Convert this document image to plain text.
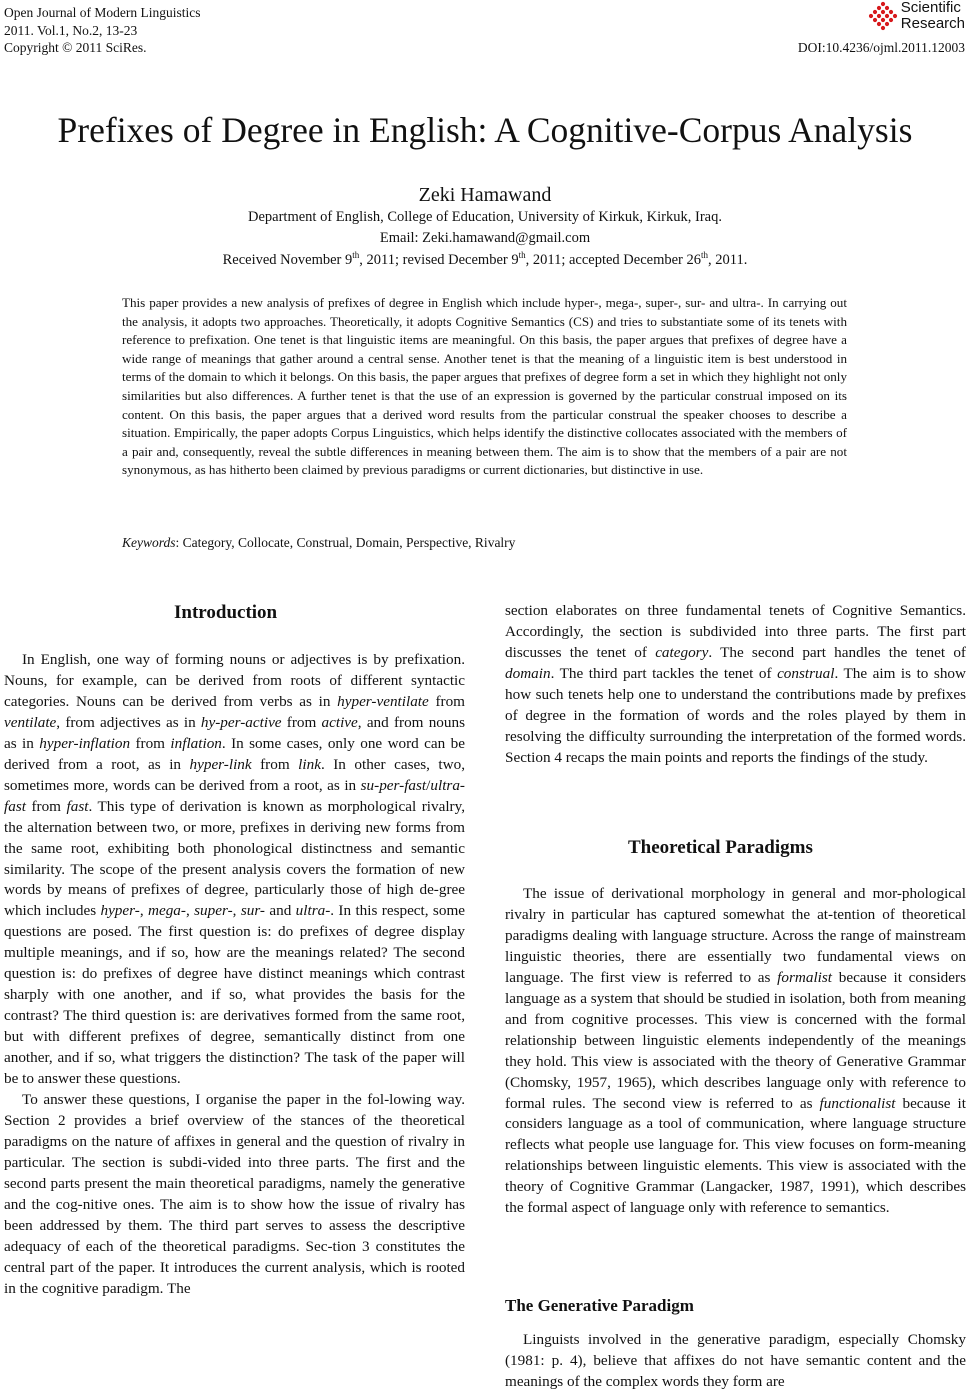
Open Journal of Modern Linguistics
2011. Vol.1, No.2, 13-23
Copyright © 2011 SciRes.
Scientific
Research
DOI:10.4236/ojml.2011.12003
Prefixes of Degree in English: A Cognitive-Corpus Analysis
Zeki Hamawand
Department of English, College of Education, University of Kirkuk, Kirkuk, Iraq.
Email: Zeki.hamawand@gmail.com
Received November 9th, 2011; revised December 9th, 2011; accepted December 26th, 2011.
This paper provides a new analysis of prefixes of degree in English which include hyper-, mega-, super-, sur- and ultra-. In carrying out the analysis, it adopts two approaches. Theoretically, it adopts Cognitive Semantics (CS) and tries to substantiate some of its tenets with reference to prefixation. One tenet is that linguistic items are meaningful. On this basis, the paper argues that prefixes of degree have a wide range of meanings that gather around a central sense. Another tenet is that the meaning of a linguistic item is best understood in terms of the domain to which it belongs. On this basis, the paper argues that prefixes of degree form a set in which they highlight not only similarities but also differences. A further tenet is that the use of an expression is governed by the particular construal imposed on its content. On this basis, the paper argues that a derived word results from the particular construal the speaker chooses to describe a situation. Empirically, the paper adopts Corpus Linguistics, which helps identify the distinctive collocates associated with the members of a pair and, consequently, reveal the subtle differences in meaning between them. The aim is to show that the members of a pair are not synonymous, as has hitherto been claimed by previous paradigms or current dictionaries, but distinctive in use.
Keywords: Category, Collocate, Construal, Domain, Perspective, Rivalry
Introduction

In English, one way of forming nouns or adjectives is by prefixation. Nouns, for example, can be derived from roots of different syntactic categories. Nouns can be derived from verbs as in hyper-ventilate from ventilate, from adjectives as in hy-per-active from active, and from nouns as in hyper-inflation from inflation. In some cases, only one word can be derived from a root, as in hyper-link from link. In other cases, two, sometimes more, words can be derived from a root, as in su-per-fast/ultra-fast from fast. This type of derivation is known as morphological rivalry, the alternation between two, or more, prefixes in deriving new forms from the same root, exhibiting both phonological distinctness and semantic similarity. The scope of the present analysis covers the formation of new words by means of prefixes of degree, particularly those of high de-gree which includes hyper-, mega-, super-, sur- and ultra-. In this respect, some questions are posed. The first question is: do prefixes of degree display multiple meanings, and if so, how are the meanings related? The second question is: do prefixes of degree have distinct meanings which contrast sharply with one another, and if so, what provides the basis for the contrast? The third question is: are derivatives formed from the same root, but with different prefixes of degree, semantically distinct from one another, and if so, what triggers the distinction? The task of the paper will be to answer these questions.

To answer these questions, I organise the paper in the fol-lowing way. Section 2 provides a brief overview of the stances of the theoretical paradigms on the nature of affixes in general and the question of rivalry in particular. The section is subdi-vided into three parts. The first and the second parts present the main theoretical paradigms, namely the generative and the cog-nitive ones. The aim is to show how the issue of rivalry has been addressed by them. The third part serves to assess the descriptive adequacy of each of the theoretical paradigms. Sec-tion 3 constitutes the central part of the paper. It introduces the current analysis, which is rooted in the cognitive paradigm. The

section elaborates on three fundamental tenets of Cognitive Semantics. Accordingly, the section is subdivided into three parts. The first part discusses the tenet of category. The second part handles the tenet of domain. The third part tackles the tenet of construal. The aim is to show how such tenets help one to understand the contributions made by prefixes of degree in the formation of words and the roles played by them in resolving the difficulty surrounding the interpretation of the formed words. Section 4 recaps the main points and reports the findings of the study.

Theoretical Paradigms

The issue of derivational morphology in general and mor-phological rivalry in particular has captured somewhat the at-tention of theoretical paradigms dealing with language structure. Across the range of mainstream linguistic theories, there are essentially two fundamental views on language. The first view is referred to as formalist because it considers language as a system that should be studied in isolation, both from meaning and from cognitive processes. This view is concerned with the formal relationship between linguistic elements independently of the meanings they hold. This view is associated with the theory of Generative Grammar (Chomsky, 1957, 1965), which describes language only with reference to formal rules. The second view is referred to as functionalist because it considers language as a tool of communication, where language structure reflects what people use language for. This view focuses on form-meaning relationships between linguistic elements. This view is associated with the theory of Cognitive Grammar (Langacker, 1987, 1991), which describes the formal aspect of language only with reference to semantics.

The Generative Paradigm

Linguists involved in the generative paradigm, especially Chomsky (1981: p. 4), believe that affixes do not have semantic content and the meanings of the complex words they form are
